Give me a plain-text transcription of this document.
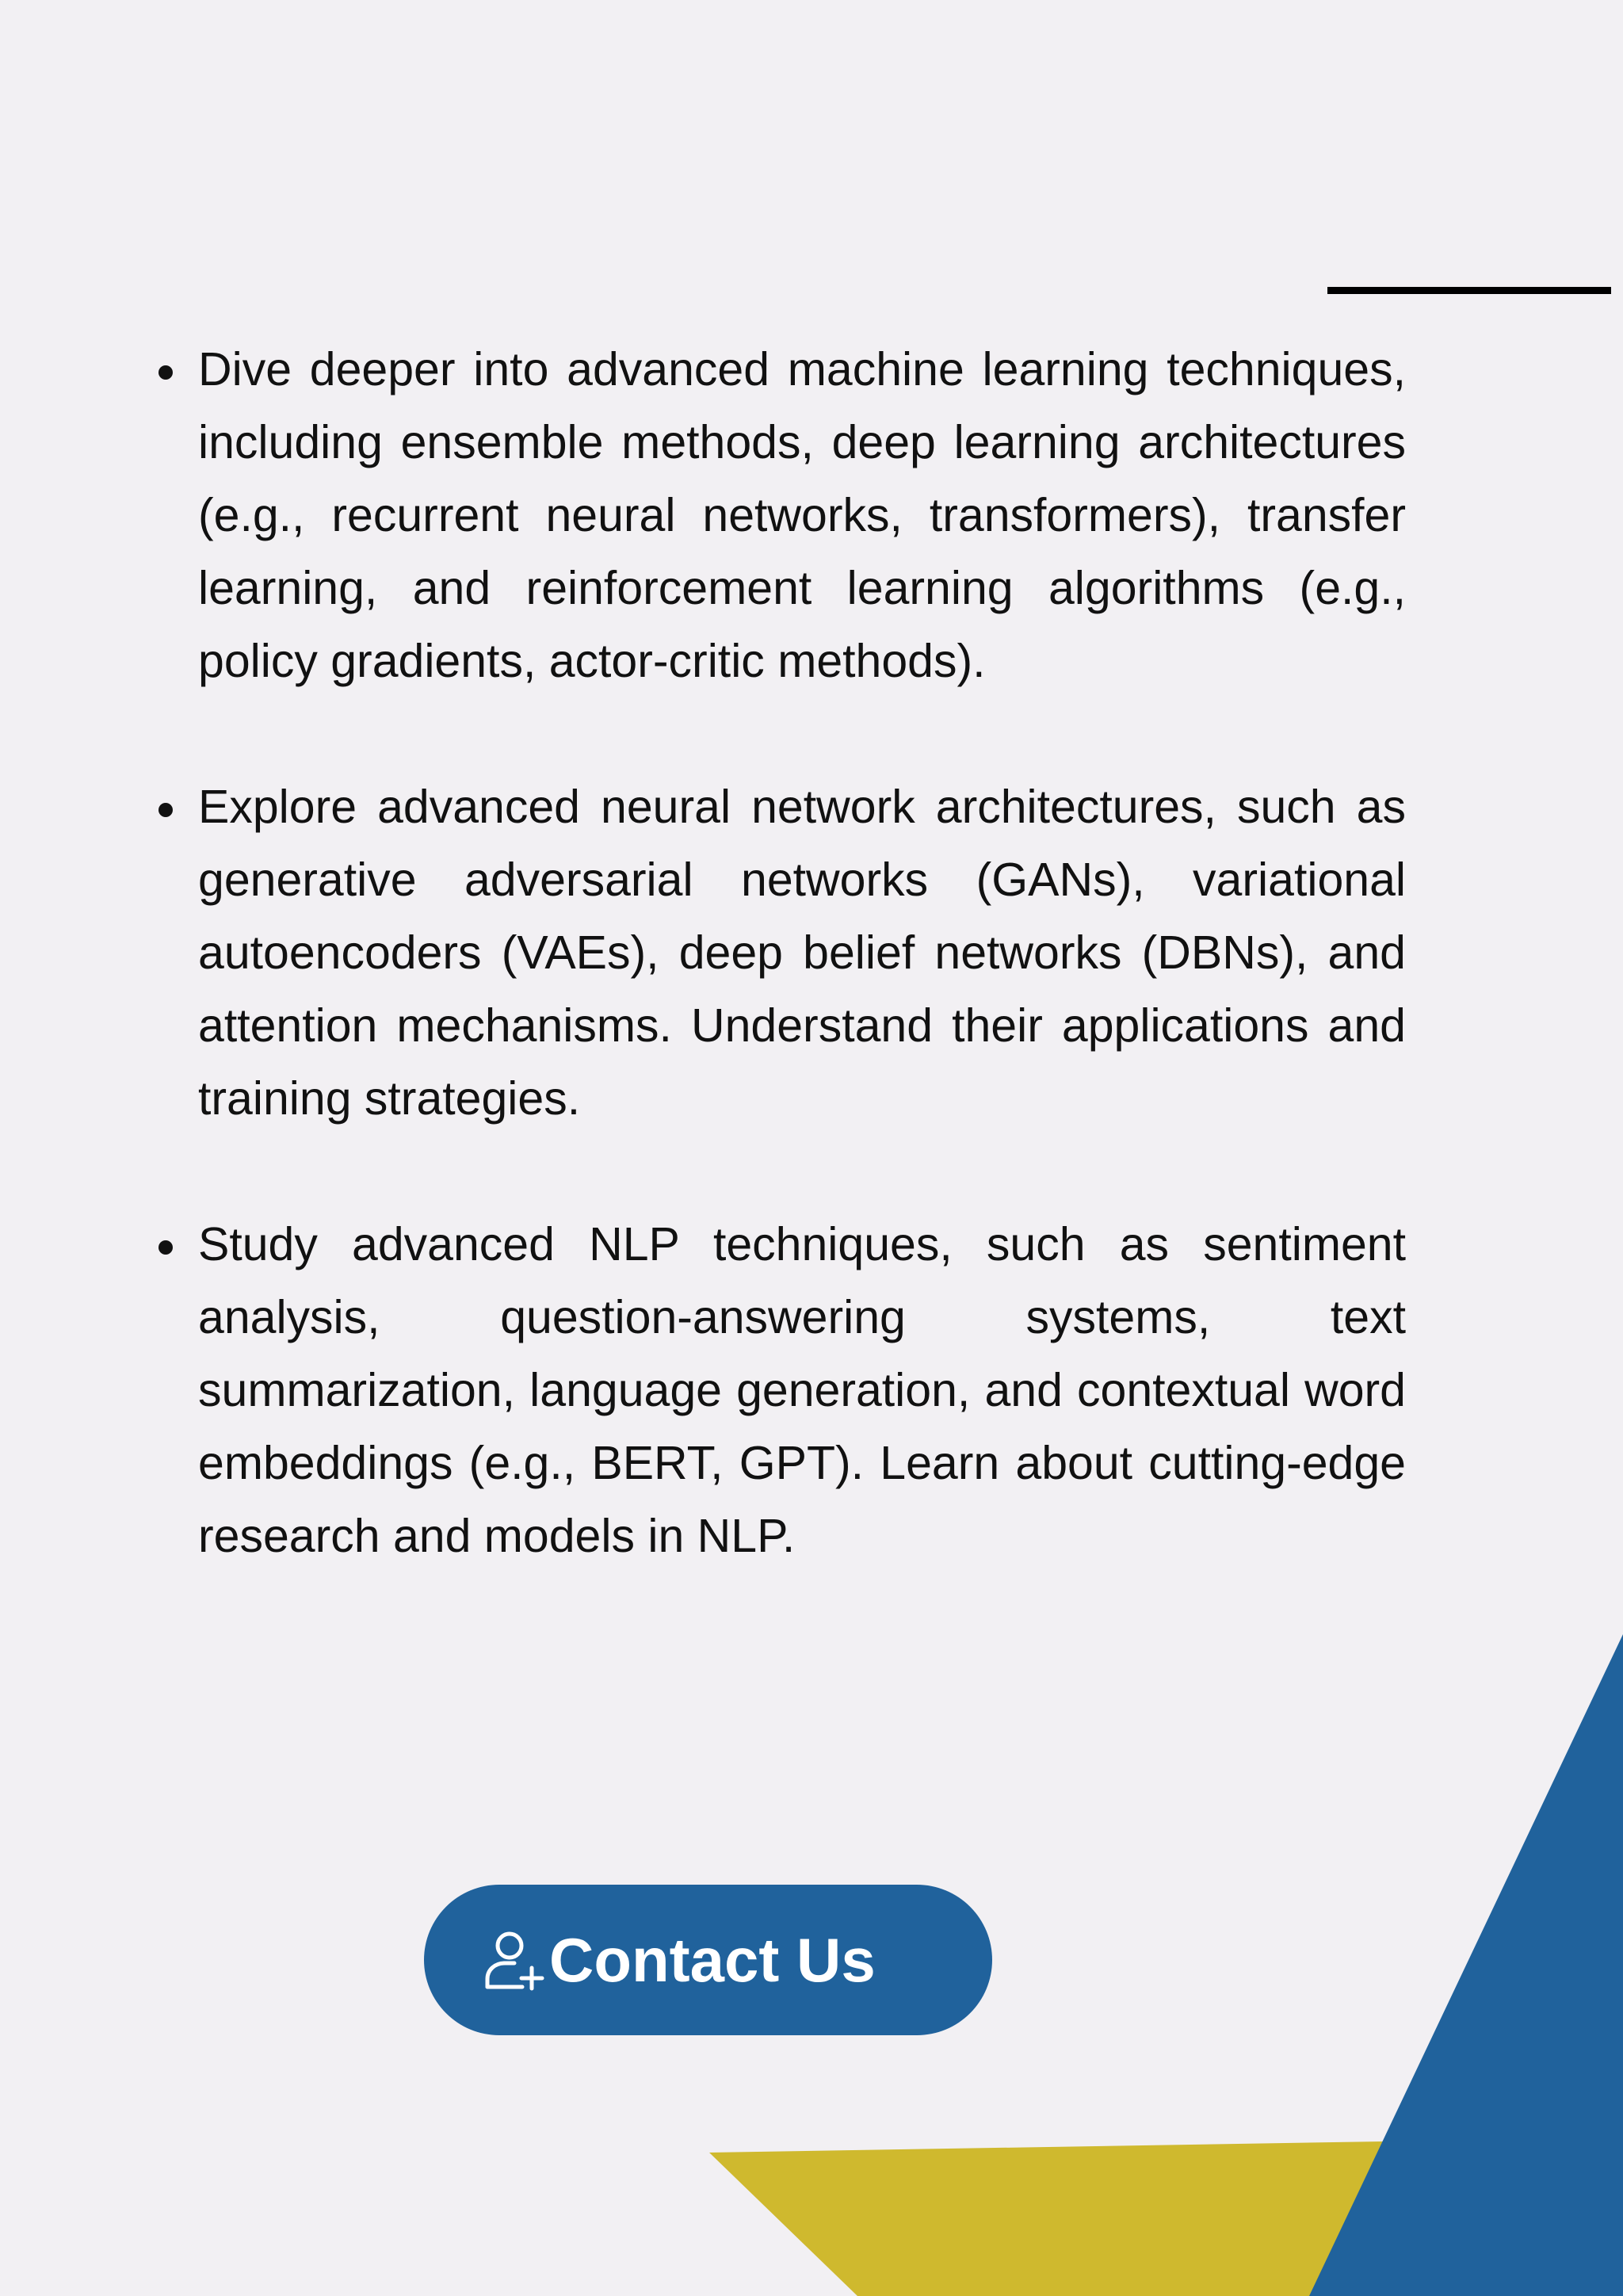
Dive deeper into advanced machine learning techniques, including ensemble methods, deep learning architectures (e.g., recurrent neural networks, transformers), transfer learning, and reinforcement learning algorithms (e.g., policy gradients, actor-critic methods).
Explore advanced neural network architectures, such as generative adversarial networks (GANs), variational autoencoders (VAEs), deep belief networks (DBNs), and attention mechanisms. Understand their applications and training strategies.
Study advanced NLP techniques, such as sentiment analysis, question-answering systems, text summarization, language generation, and contextual word embeddings (e.g., BERT, GPT). Learn about cutting-edge research and models in NLP.
Contact Us
